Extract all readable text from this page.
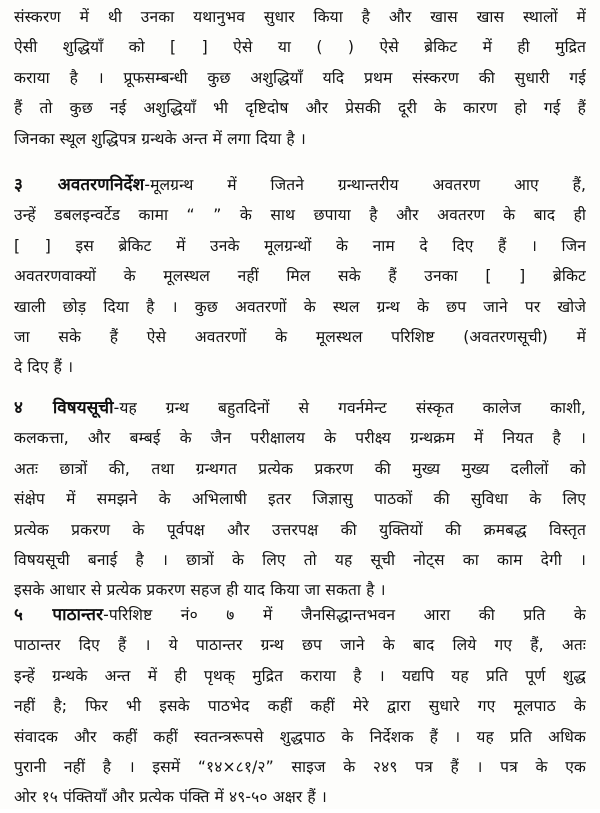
संस्करण में थी उनका यथानुभव सुधार किया है और खास खास स्थालों में
ऐसी शुद्धियाँ को [ ] ऐसे या ( ) ऐसे ब्रेकिट में ही मुद्रित
कराया है । प्रूफसम्बन्धी कुछ अशुद्धियाँ यदि प्रथम संस्करण की सुधारी गई
हैं तो कुछ नई अशुद्धियाँ भी दृष्टिदोष और प्रेसकी दूरी के कारण हो गई हैं
जिनका स्थूल शुद्धिपत्र ग्रन्थके अन्त में लगा दिया है ।
३ अवतरणनिर्देश-मूलग्रन्थ में जितने ग्रन्थान्तरीय अवतरण आए हैं,
उन्हें डबलइन्वर्टेड कामा “ ” के साथ छपाया है और अवतरण के बाद ही
[ ] इस ब्रेकिट में उनके मूलग्रन्थों के नाम दे दिए हैं । जिन
अवतरणवाक्यों के मूलस्थल नहीं मिल सके हैं उनका [ ] ब्रेकिट
खाली छोड़ दिया है । कुछ अवतरणों के स्थल ग्रन्थ के छप जाने पर खोजे
जा सके हैं ऐसे अवतरणों के मूलस्थल परिशिष्ट (अवतरणसूची) में
दे दिए हैं ।
४ विषयसूची-यह ग्रन्थ बहुतदिनों से गवर्नमेन्ट संस्कृत कालेज काशी,
कलकत्ता, और बम्बई के जैन परीक्षालय के परीक्ष्य ग्रन्थक्रम में नियत है ।
अतः छात्रों की, तथा ग्रन्थगत प्रत्येक प्रकरण की मुख्य मुख्य दलीलों को
संक्षेप में समझने के अभिलाषी इतर जिज्ञासु पाठकों की सुविधा के लिए
प्रत्येक प्रकरण के पूर्वपक्ष और उत्तरपक्ष की युक्तियों की क्रमबद्ध विस्तृत
विषयसूची बनाई है । छात्रों के लिए तो यह सूची नोट्स का काम देगी ।
इसके आधार से प्रत्येक प्रकरण सहज ही याद किया जा सकता है ।
५ पाठान्तर-परिशिष्ट नं० ७ में जैनसिद्धान्तभवन आरा की प्रति के
पाठान्तर दिए हैं । ये पाठान्तर ग्रन्थ छप जाने के बाद लिये गए हैं, अतः
इन्हें ग्रन्थके अन्त में ही पृथक् मुद्रित कराया है । यद्यपि यह प्रति पूर्ण शुद्ध
नहीं है; फिर भी इसके पाठभेद कहीं कहीं मेरे द्वारा सुधारे गए मूलपाठ के
संवादक और कहीं कहीं स्वतन्त्ररूपसे शुद्धपाठ के निर्देशक हैं । यह प्रति अधिक
पुरानी नहीं है । इसमें “१४×८१/२” साइज के २४९ पत्र हैं । पत्र के एक
ओर १५ पंक्तियाँ और प्रत्येक पंक्ति में ४९-५० अक्षर हैं ।
